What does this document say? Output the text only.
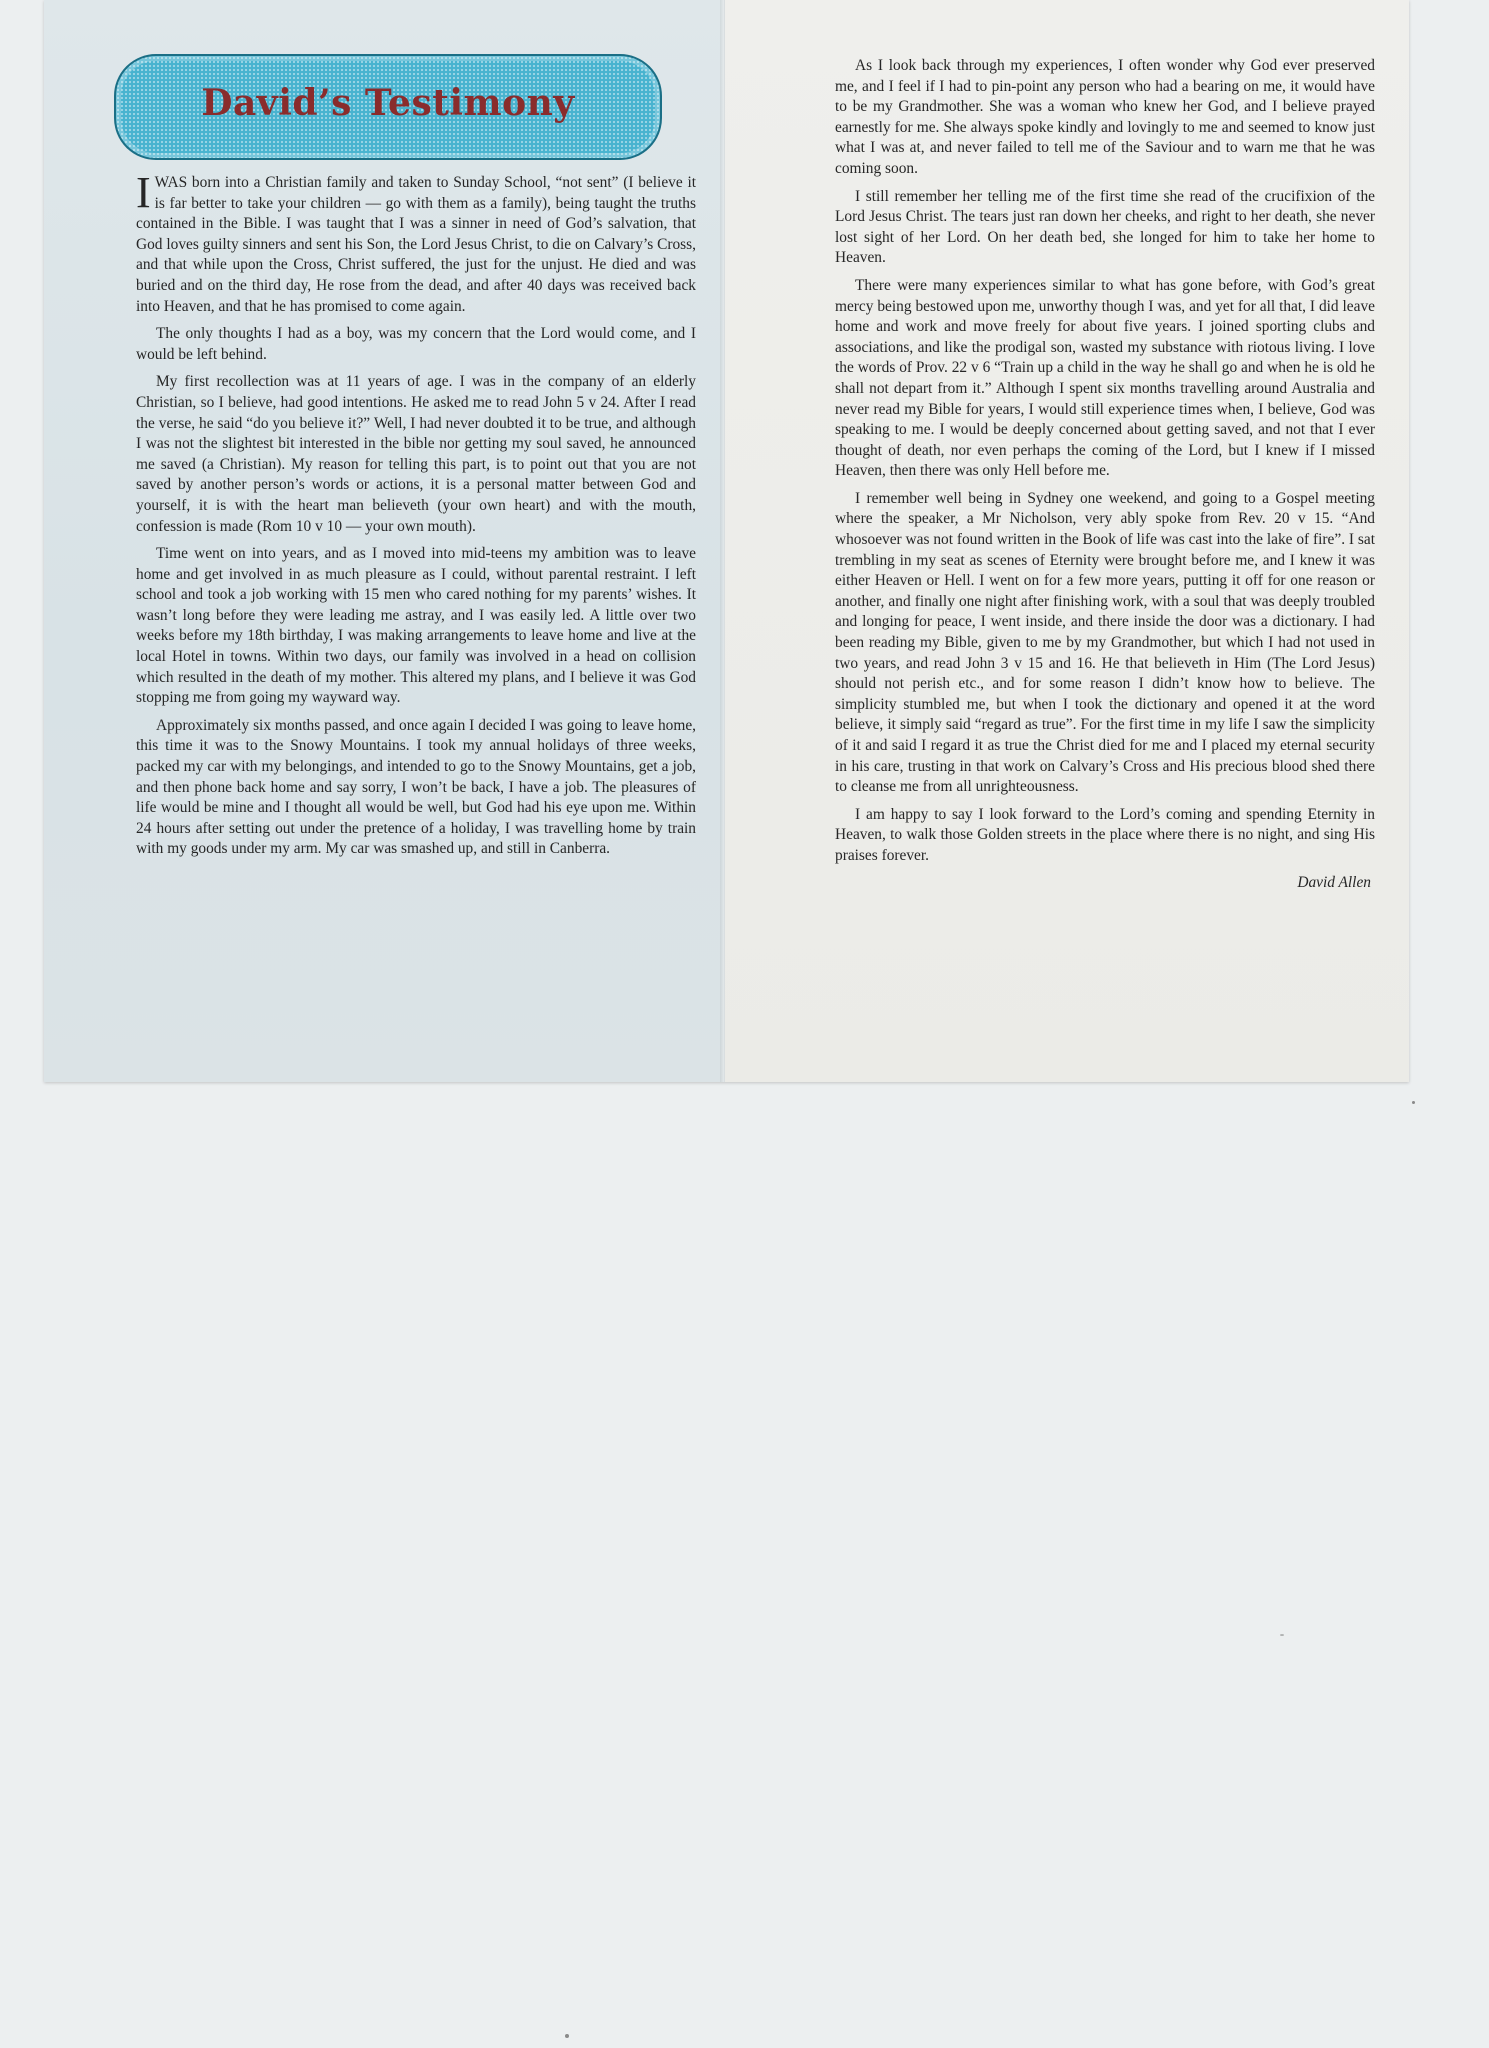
David’s Testimony

IWAS born into a Christian family and taken to Sunday School, “not sent” (I believe it is far better to take your children — go with them as a family), being taught the truths contained in the Bible. I was taught that I was a sinner in need of God’s salvation, that God loves guilty sinners and sent his Son, the Lord Jesus Christ, to die on Calvary’s Cross, and that while upon the Cross, Christ suffered, the just for the unjust. He died and was buried and on the third day, He rose from the dead, and after 40 days was received back into Heaven, and that he has promised to come again.

The only thoughts I had as a boy, was my concern that the Lord would come, and I would be left behind.

My first recollection was at 11 years of age. I was in the company of an elderly Christian, so I believe, had good intentions. He asked me to read John 5 v 24. After I read the verse, he said “do you believe it?” Well, I had never doubted it to be true, and although I was not the slightest bit interested in the bible nor getting my soul saved, he announced me saved (a Christian). My reason for telling this part, is to point out that you are not saved by another person’s words or actions, it is a personal matter between God and yourself, it is with the heart man believeth (your own heart) and with the mouth, confession is made (Rom 10 v 10 — your own mouth).

Time went on into years, and as I moved into mid-teens my ambition was to leave home and get involved in as much pleasure as I could, without parental restraint. I left school and took a job working with 15 men who cared nothing for my parents’ wishes. It wasn’t long before they were leading me astray, and I was easily led. A little over two weeks before my 18th birthday, I was making arrangements to leave home and live at the local Hotel in towns. Within two days, our family was involved in a head on collision which resulted in the death of my mother. This altered my plans, and I believe it was God stopping me from going my wayward way.

Approximately six months passed, and once again I decided I was going to leave home, this time it was to the Snowy Mountains. I took my annual holidays of three weeks, packed my car with my belongings, and intended to go to the Snowy Mountains, get a job, and then phone back home and say sorry, I won’t be back, I have a job. The pleasures of life would be mine and I thought all would be well, but God had his eye upon me. Within 24 hours after setting out under the pretence of a holiday, I was travelling home by train with my goods under my arm. My car was smashed up, and still in Canberra.

As I look back through my experiences, I often wonder why God ever preserved me, and I feel if I had to pin-point any person who had a bearing on me, it would have to be my Grandmother. She was a woman who knew her God, and I believe prayed earnestly for me. She always spoke kindly and lovingly to me and seemed to know just what I was at, and never failed to tell me of the Saviour and to warn me that he was coming soon.

I still remember her telling me of the first time she read of the crucifixion of the Lord Jesus Christ. The tears just ran down her cheeks, and right to her death, she never lost sight of her Lord. On her death bed, she longed for him to take her home to Heaven.

There were many experiences similar to what has gone before, with God’s great mercy being bestowed upon me, unworthy though I was, and yet for all that, I did leave home and work and move freely for about five years. I joined sporting clubs and associations, and like the prodigal son, wasted my substance with riotous living. I love the words of Prov. 22 v 6 “Train up a child in the way he shall go and when he is old he shall not depart from it.” Although I spent six months travelling around Australia and never read my Bible for years, I would still experience times when, I believe, God was speaking to me. I would be deeply concerned about getting saved, and not that I ever thought of death, nor even perhaps the coming of the Lord, but I knew if I missed Heaven, then there was only Hell before me.

I remember well being in Sydney one weekend, and going to a Gospel meeting where the speaker, a Mr Nicholson, very ably spoke from Rev. 20 v 15. “And whosoever was not found written in the Book of life was cast into the lake of fire”. I sat trembling in my seat as scenes of Eternity were brought before me, and I knew it was either Heaven or Hell. I went on for a few more years, putting it off for one reason or another, and finally one night after finishing work, with a soul that was deeply troubled and longing for peace, I went inside, and there inside the door was a dictionary. I had been reading my Bible, given to me by my Grandmother, but which I had not used in two years, and read John 3 v 15 and 16. He that believeth in Him (The Lord Jesus) should not perish etc., and for some reason I didn’t know how to believe. The simplicity stumbled me, but when I took the dictionary and opened it at the word believe, it simply said “regard as true”. For the first time in my life I saw the simplicity of it and said I regard it as true the Christ died for me and I placed my eternal security in his care, trusting in that work on Calvary’s Cross and His precious blood shed there to cleanse me from all unrighteousness.

I am happy to say I look forward to the Lord’s coming and spending Eternity in Heaven, to walk those Golden streets in the place where there is no night, and sing His praises forever.

David Allen
